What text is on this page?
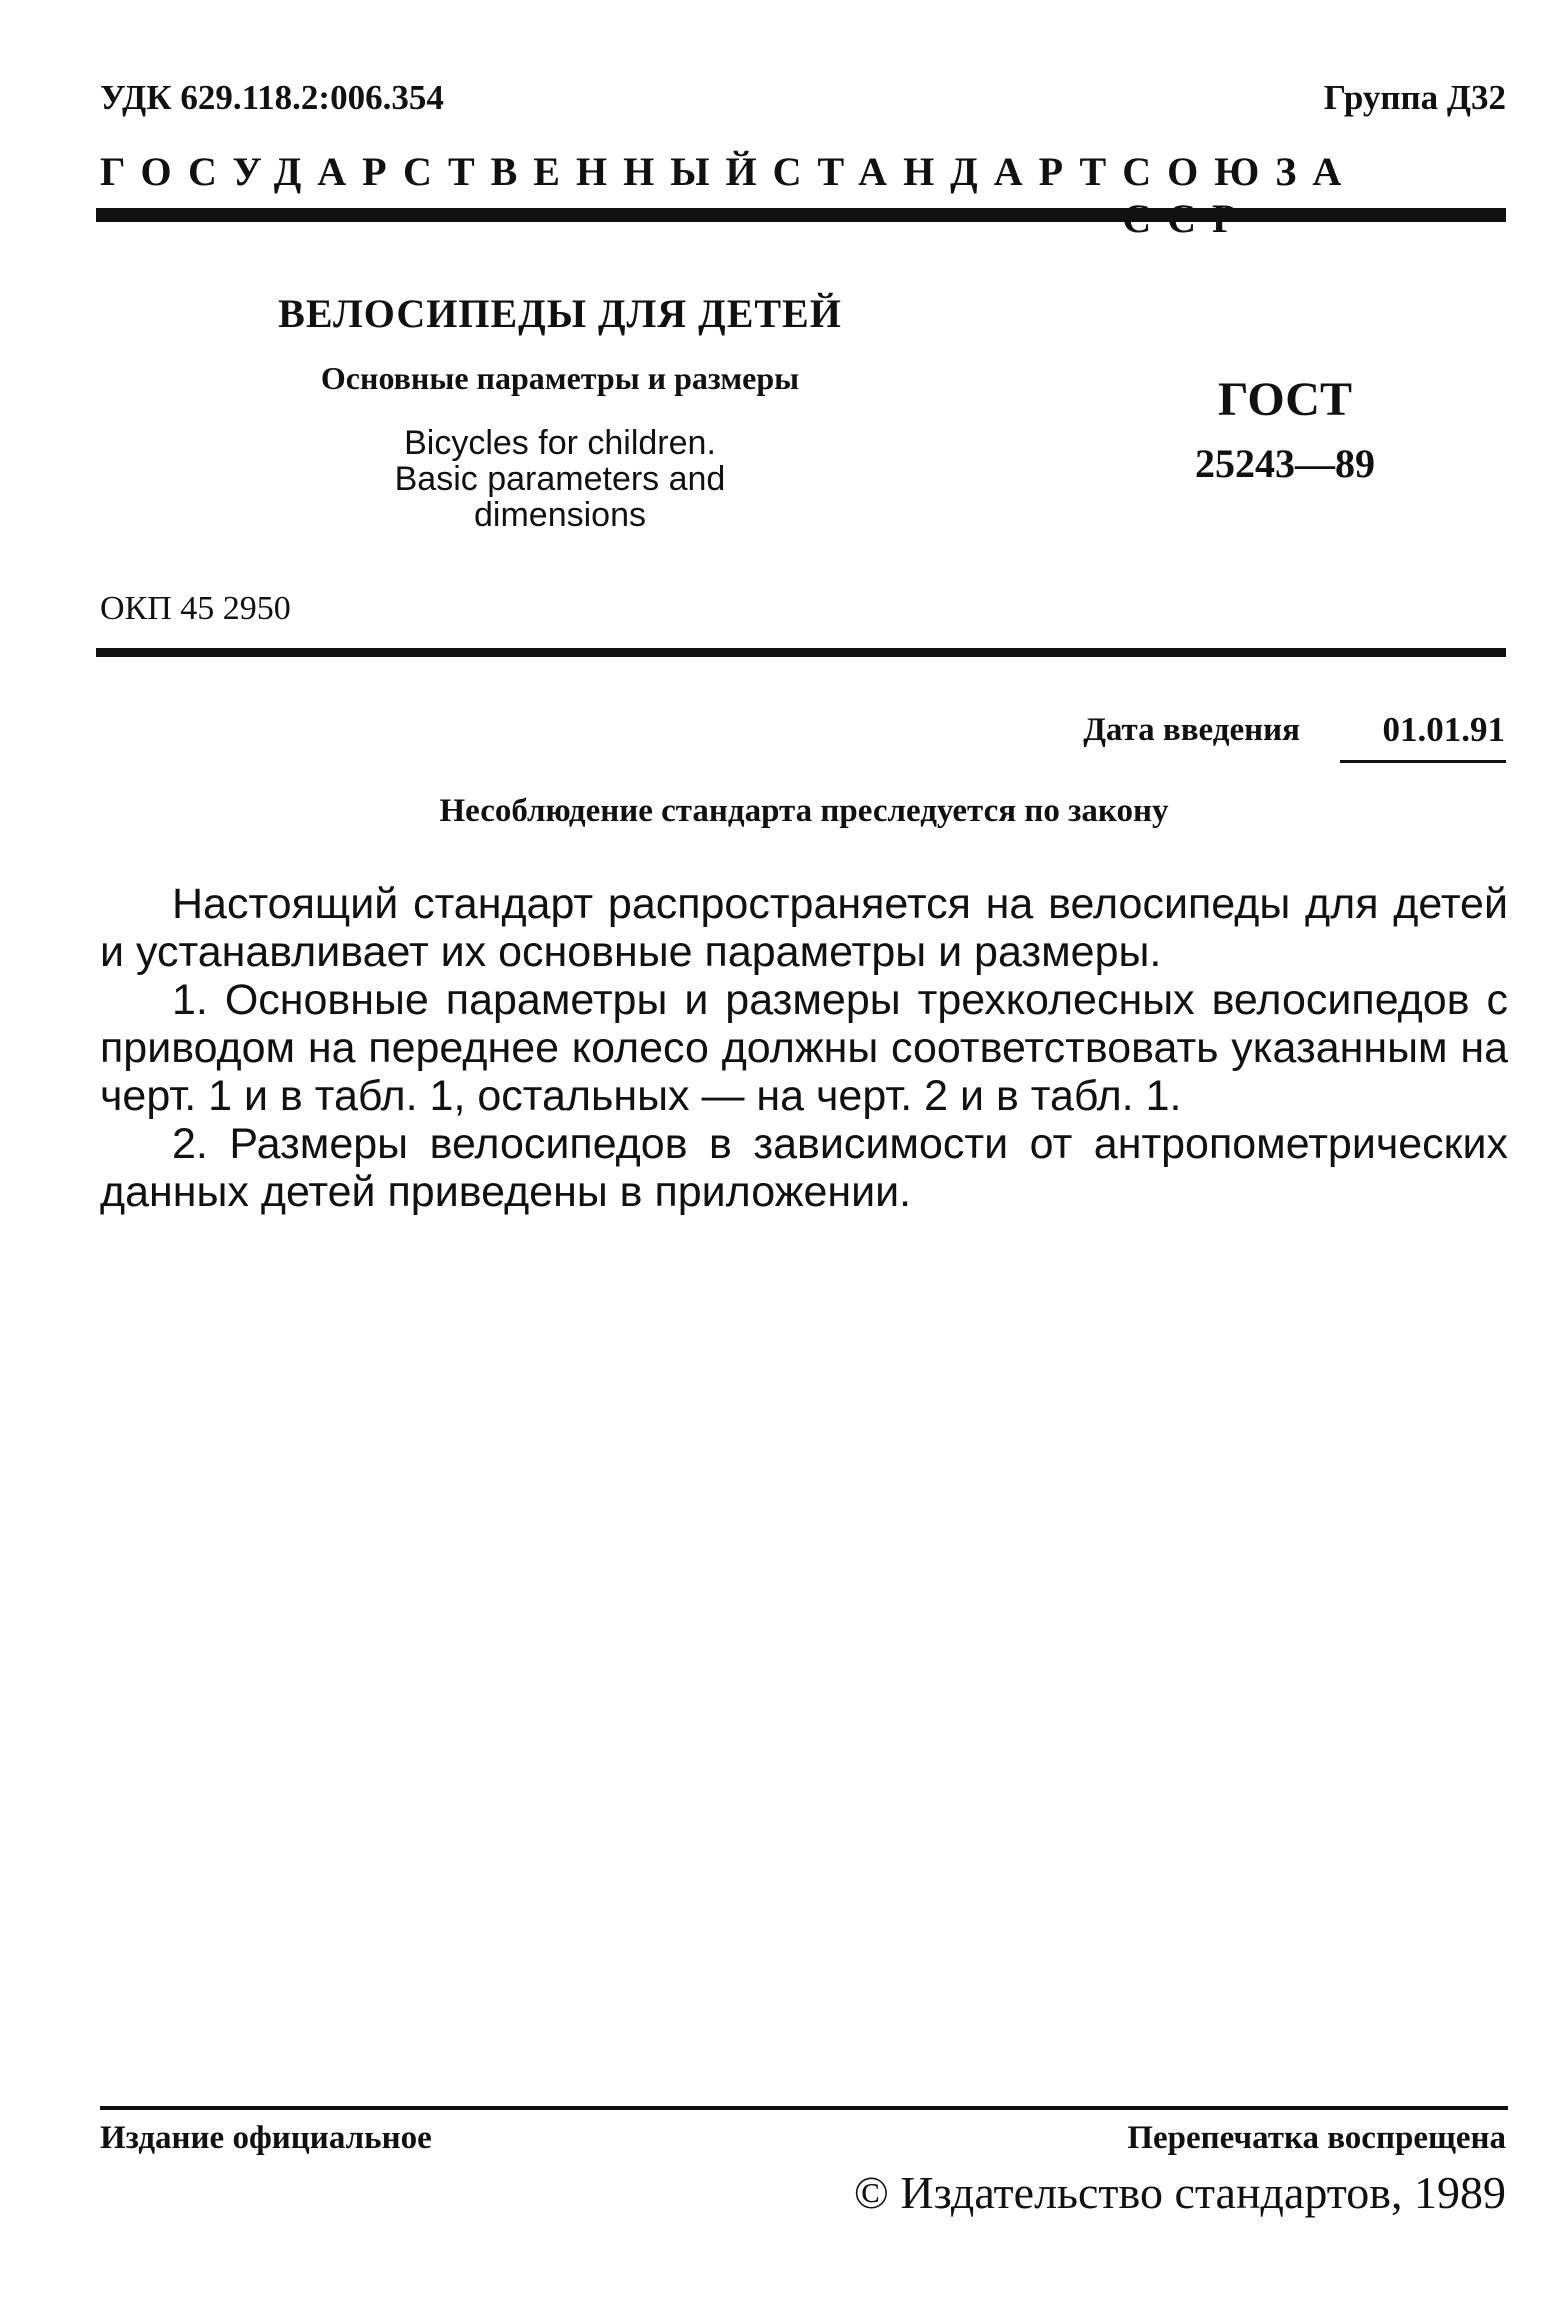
УДК 629.118.2:006.354	Группа Д32
ГОСУДАРСТВЕННЫЙ СТАНДАРТ СОЮЗА
ВЕЛОСИПЕДЫ ДЛЯ ДЕТЕЙ
Основные параметры и размеры
Bicycles for children.
Basic parameters and
dimensions
ГОСТ
25243—89
ОКП 45 2950
Дата введения	01.01.91
Несоблюдение стандарта преследуется по закону

Настоящий стандарт распространяется на велосипеды для детей и устанавливает их основные параметры и размеры.

1. Основные параметры и размеры трехколесных велосипедов с приводом на переднее колесо должны соответствовать указанным на черт. 1 и в табл. 1, остальных — на черт. 2 и в табл. 1.

2. Размеры велосипедов в зависимости от антропометрических данных детей приведены в приложении.

Издание официальное	Перепечатка воспрещена
© Издательство стандартов, 1989
